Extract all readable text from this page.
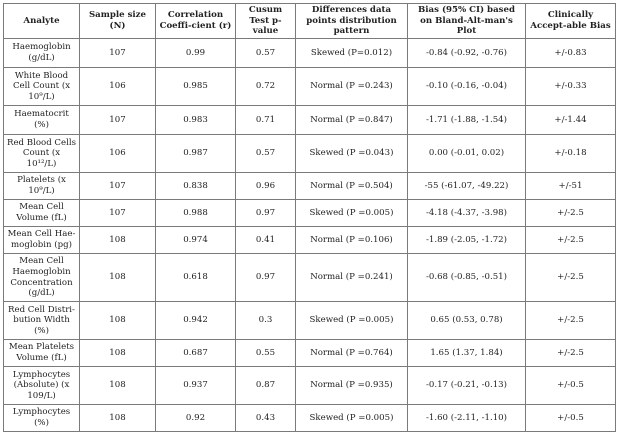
Analyte	Sample size (N)	Correlation Coeffi-cient (r)	Cusum Test p-value	Differences data points distribution pattern	Bias (95% CI) based on Bland-Alt-man's Plot	Clinically Accept-able Bias
Haemoglobin (g/dL)	107	0.99	0.57	Skewed (P=0.012)	-0.84 (-0.92, -0.76)	+/-0.83
White Blood Cell Count (x 10⁹/L)	106	0.985	0.72	Normal (P =0.243)	-0.10 (-0.16, -0.04)	+/-0.33
Haematocrit (%)	107	0.983	0.71	Normal (P =0.847)	-1.71 (-1.88, -1.54)	+/-1.44
Red Blood Cells Count (x 10¹²/L)	106	0.987	0.57	Skewed (P =0.043)	0.00 (-0.01, 0.02)	+/-0.18
Platelets (x 10⁹/L)	107	0.838	0.96	Normal (P =0.504)	-55 (-61.07, -49.22)	+/-51
Mean Cell Volume (fL)	107	0.988	0.97	Skewed (P =0.005)	-4.18 (-4.37, -3.98)	+/-2.5
Mean Cell Hae-moglobin (pg)	108	0.974	0.41	Normal (P =0.106)	-1.89 (-2.05, -1.72)	+/-2.5
Mean Cell Haemoglobin Concentration (g/dL)	108	0.618	0.97	Normal (P =0.241)	-0.68 (-0.85, -0.51)	+/-2.5
Red Cell Distri-bution Width (%)	108	0.942	0.3	Skewed (P =0.005)	0.65 (0.53, 0.78)	+/-2.5
Mean Platelets Volume (fL)	108	0.687	0.55	Normal (P =0.764)	1.65 (1.37, 1.84)	+/-2.5
Lymphocytes (Absolute) (x 109/L)	108	0.937	0.87	Normal (P =0.935)	-0.17 (-0.21, -0.13)	+/-0.5
Lymphocytes (%)	108	0.92	0.43	Skewed (P =0.005)	-1.60 (-2.11, -1.10)	+/-0.5
